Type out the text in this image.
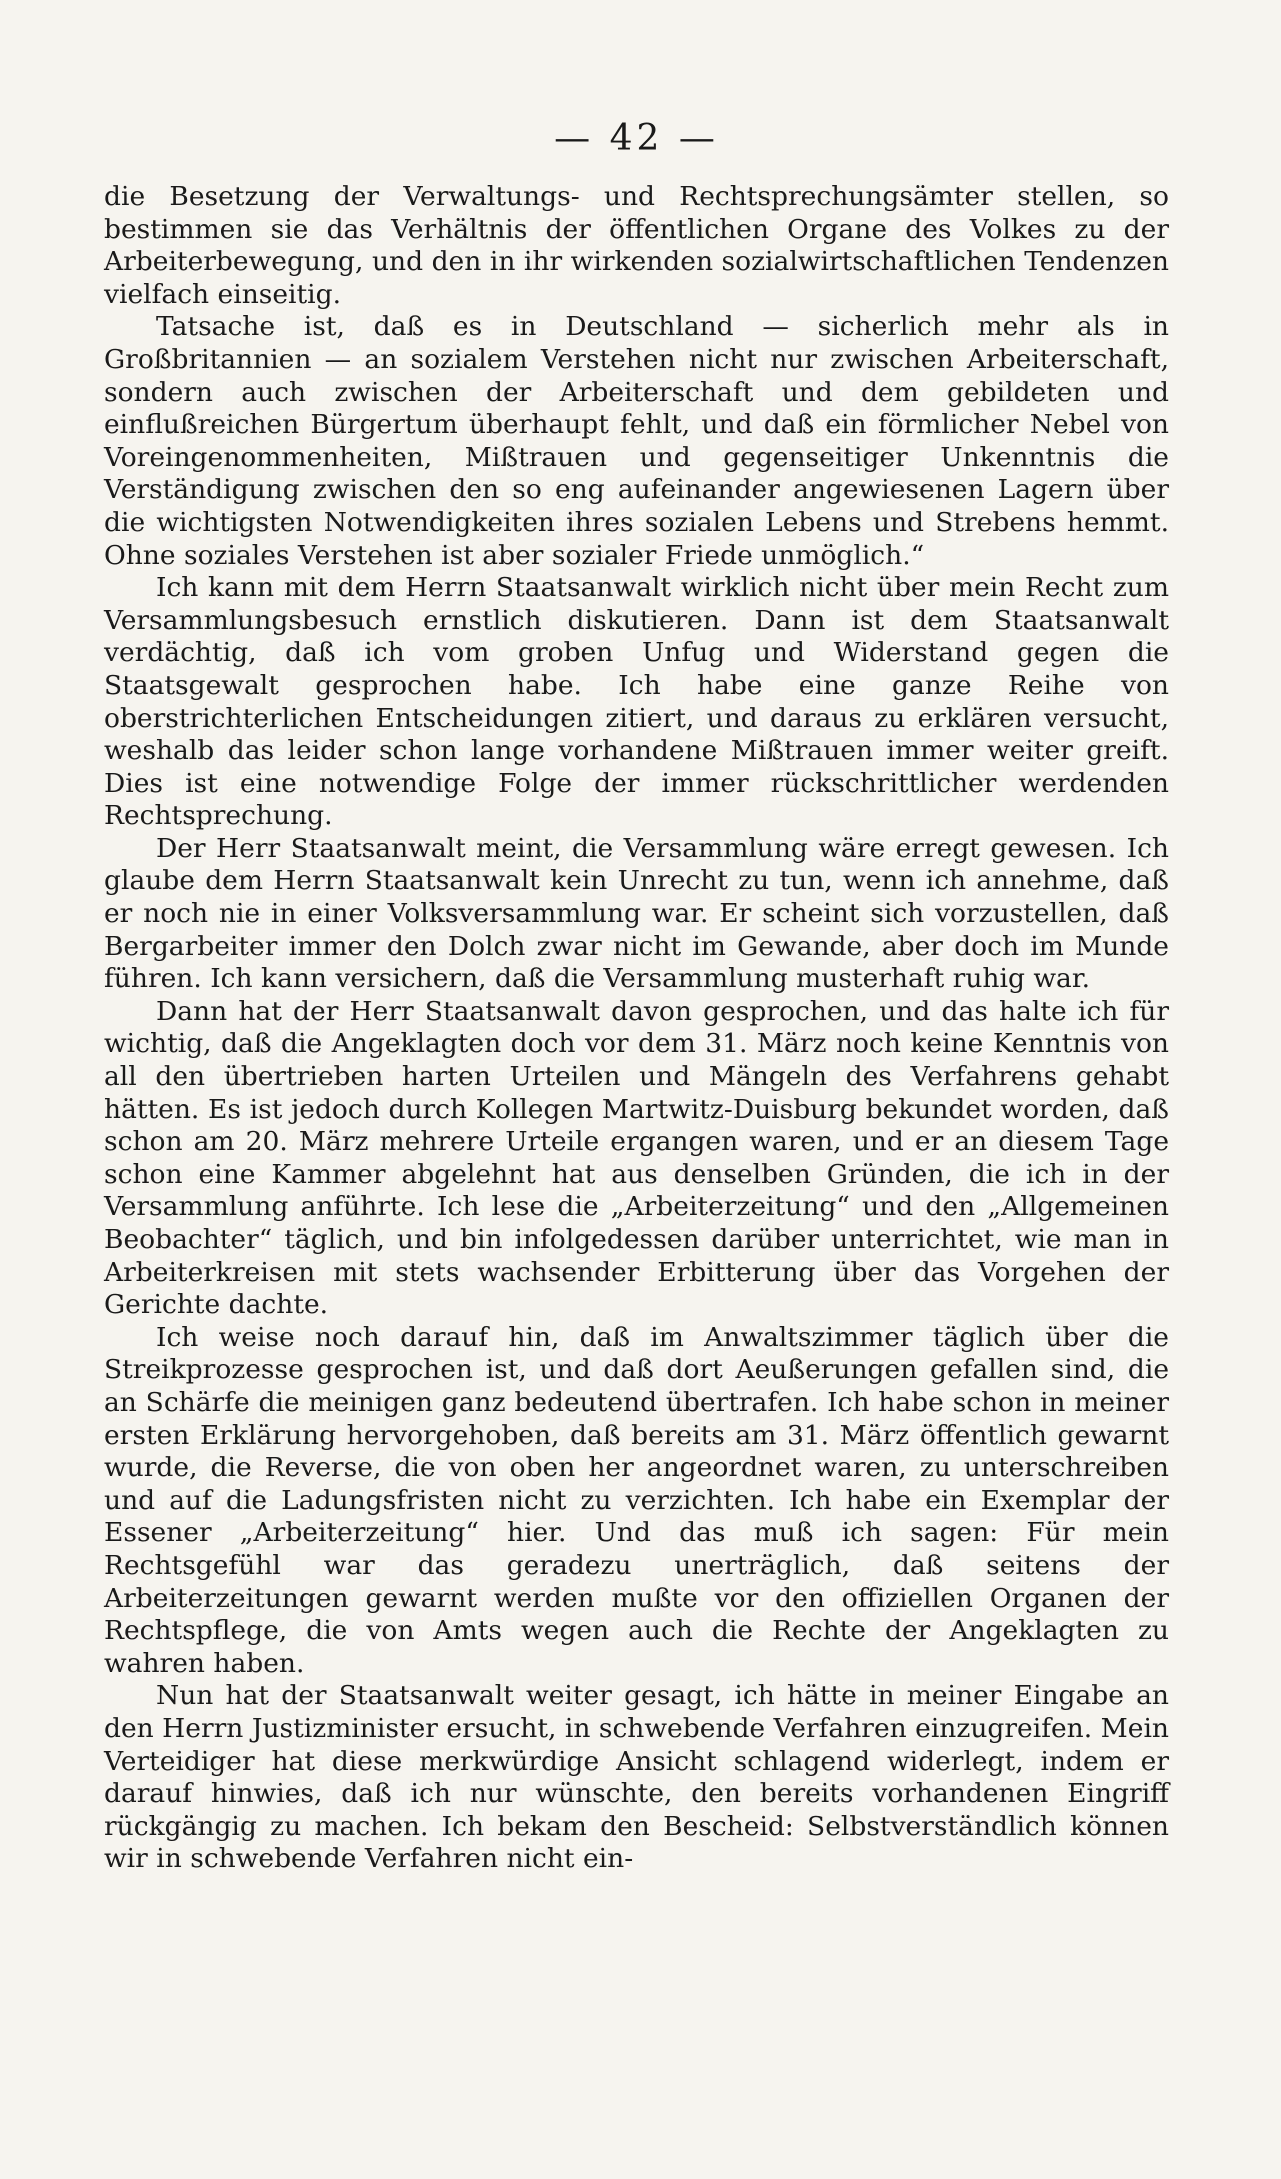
— 42 —

die Besetzung der Verwaltungs- und Rechtsprechungsämter stellen, so bestimmen sie das Verhältnis der öffentlichen Organe des Volkes zu der Arbeiterbewegung, und den in ihr wirkenden sozialwirtschaftlichen Tendenzen vielfach einseitig.

Tatsache ist, daß es in Deutschland — sicherlich mehr als in Großbritannien — an sozialem Verstehen nicht nur zwischen Arbeiterschaft, sondern auch zwischen der Arbeiterschaft und dem gebildeten und einflußreichen Bürgertum überhaupt fehlt, und daß ein förmlicher Nebel von Voreingenommenheiten, Mißtrauen und gegenseitiger Unkenntnis die Verständigung zwischen den so eng aufeinander angewiesenen Lagern über die wichtigsten Notwendigkeiten ihres sozialen Lebens und Strebens hemmt. Ohne soziales Verstehen ist aber sozialer Friede unmöglich.“

Ich kann mit dem Herrn Staatsanwalt wirklich nicht über mein Recht zum Versammlungsbesuch ernstlich diskutieren. Dann ist dem Staatsanwalt verdächtig, daß ich vom groben Unfug und Widerstand gegen die Staatsgewalt gesprochen habe. Ich habe eine ganze Reihe von oberstrichterlichen Entscheidungen zitiert, und daraus zu erklären versucht, weshalb das leider schon lange vorhandene Mißtrauen immer weiter greift. Dies ist eine notwendige Folge der immer rückschrittlicher werdenden Rechtsprechung.

Der Herr Staatsanwalt meint, die Versammlung wäre erregt gewesen. Ich glaube dem Herrn Staatsanwalt kein Unrecht zu tun, wenn ich annehme, daß er noch nie in einer Volksversammlung war. Er scheint sich vorzustellen, daß Bergarbeiter immer den Dolch zwar nicht im Gewande, aber doch im Munde führen. Ich kann versichern, daß die Versammlung musterhaft ruhig war.

Dann hat der Herr Staatsanwalt davon gesprochen, und das halte ich für wichtig, daß die Angeklagten doch vor dem 31. März noch keine Kenntnis von all den übertrieben harten Urteilen und Mängeln des Verfahrens gehabt hätten. Es ist jedoch durch Kollegen Martwitz-Duisburg bekundet worden, daß schon am 20. März mehrere Urteile ergangen waren, und er an diesem Tage schon eine Kammer abgelehnt hat aus denselben Gründen, die ich in der Versammlung anführte. Ich lese die „Arbeiterzeitung“ und den „Allgemeinen Beobachter“ täglich, und bin infolgedessen darüber unterrichtet, wie man in Arbeiterkreisen mit stets wachsender Erbitterung über das Vorgehen der Gerichte dachte.

Ich weise noch darauf hin, daß im Anwaltszimmer täglich über die Streikprozesse gesprochen ist, und daß dort Aeußerungen gefallen sind, die an Schärfe die meinigen ganz bedeutend übertrafen. Ich habe schon in meiner ersten Erklärung hervorgehoben, daß bereits am 31. März öffentlich gewarnt wurde, die Reverse, die von oben her angeordnet waren, zu unterschreiben und auf die Ladungsfristen nicht zu verzichten. Ich habe ein Exemplar der Essener „Arbeiterzeitung“ hier. Und das muß ich sagen: Für mein Rechtsgefühl war das geradezu unerträglich, daß seitens der Arbeiterzeitungen gewarnt werden mußte vor den offiziellen Organen der Rechtspflege, die von Amts wegen auch die Rechte der Angeklagten zu wahren haben.

Nun hat der Staatsanwalt weiter gesagt, ich hätte in meiner Eingabe an den Herrn Justizminister ersucht, in schwebende Verfahren einzugreifen. Mein Verteidiger hat diese merkwürdige Ansicht schlagend widerlegt, indem er darauf hinwies, daß ich nur wünschte, den bereits vorhandenen Eingriff rückgängig zu machen. Ich bekam den Bescheid: Selbstverständlich können wir in schwebende Verfahren nicht ein-
